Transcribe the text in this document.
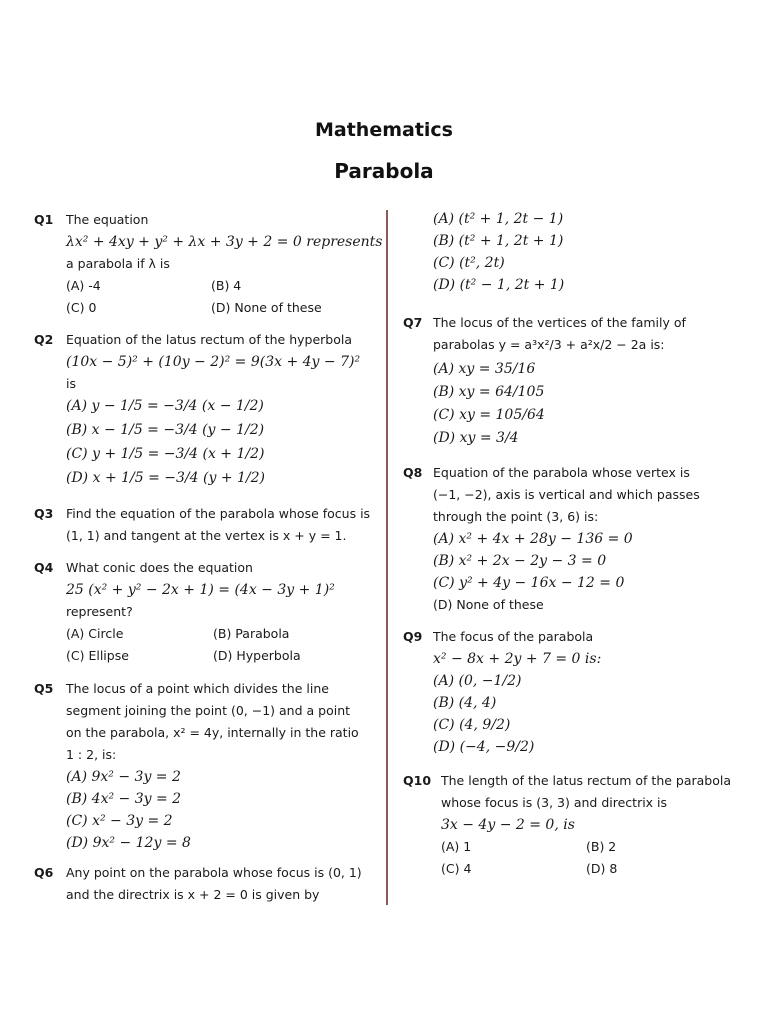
Mathematics
Parabola
Q1 The equation
λx² + 4xy + y² + λx + 3y + 2 = 0 represents
a parabola if λ is
(A) -4	(B) 4
(C) 0	(D) None of these
Q2 Equation of the latus rectum of the hyperbola
(10x − 5)² + (10y − 2)² = 9(3x + 4y − 7)²
is
(A) y − 1/5 = −3/4 (x − 1/2)
(B) x − 1/5 = −3/4 (y − 1/2)
(C) y + 1/5 = −3/4 (x + 1/2)
(D) x + 1/5 = −3/4 (y + 1/2)
Q3 Find the equation of the parabola whose focus is
(1, 1) and tangent at the vertex is x + y = 1.
Q4 What conic does the equation
25 (x² + y² − 2x + 1) = (4x − 3y + 1)²
represent?
(A) Circle	(B) Parabola
(C) Ellipse	(D) Hyperbola
Q5 The locus of a point which divides the line
segment joining the point (0, −1) and a point
on the parabola, x² = 4y, internally in the ratio
1 : 2, is:
(A) 9x² − 3y = 2
(B) 4x² − 3y = 2
(C) x² − 3y = 2
(D) 9x² − 12y = 8
Q6 Any point on the parabola whose focus is (0, 1)
and the directrix is x + 2 = 0 is given by
(A) (t² + 1, 2t − 1)
(B) (t² + 1, 2t + 1)
(C) (t², 2t)
(D) (t² − 1, 2t + 1)
Q7 The locus of the vertices of the family of
parabolas y = a³x²/3 + a²x/2 − 2a is:
(A) xy = 35/16
(B) xy = 64/105
(C) xy = 105/64
(D) xy = 3/4
Q8 Equation of the parabola whose vertex is
(−1, −2), axis is vertical and which passes
through the point (3, 6) is:
(A) x² + 4x + 28y − 136 = 0
(B) x² + 2x − 2y − 3 = 0
(C) y² + 4y − 16x − 12 = 0
(D) None of these
Q9 The focus of the parabola
x² − 8x + 2y + 7 = 0 is:
(A) (0, −1/2)
(B) (4, 4)
(C) (4, 9/2)
(D) (−4, −9/2)
Q10 The length of the latus rectum of the parabola
whose focus is (3, 3) and directrix is
3x − 4y − 2 = 0, is
(A) 1	(B) 2
(C) 4	(D) 8
